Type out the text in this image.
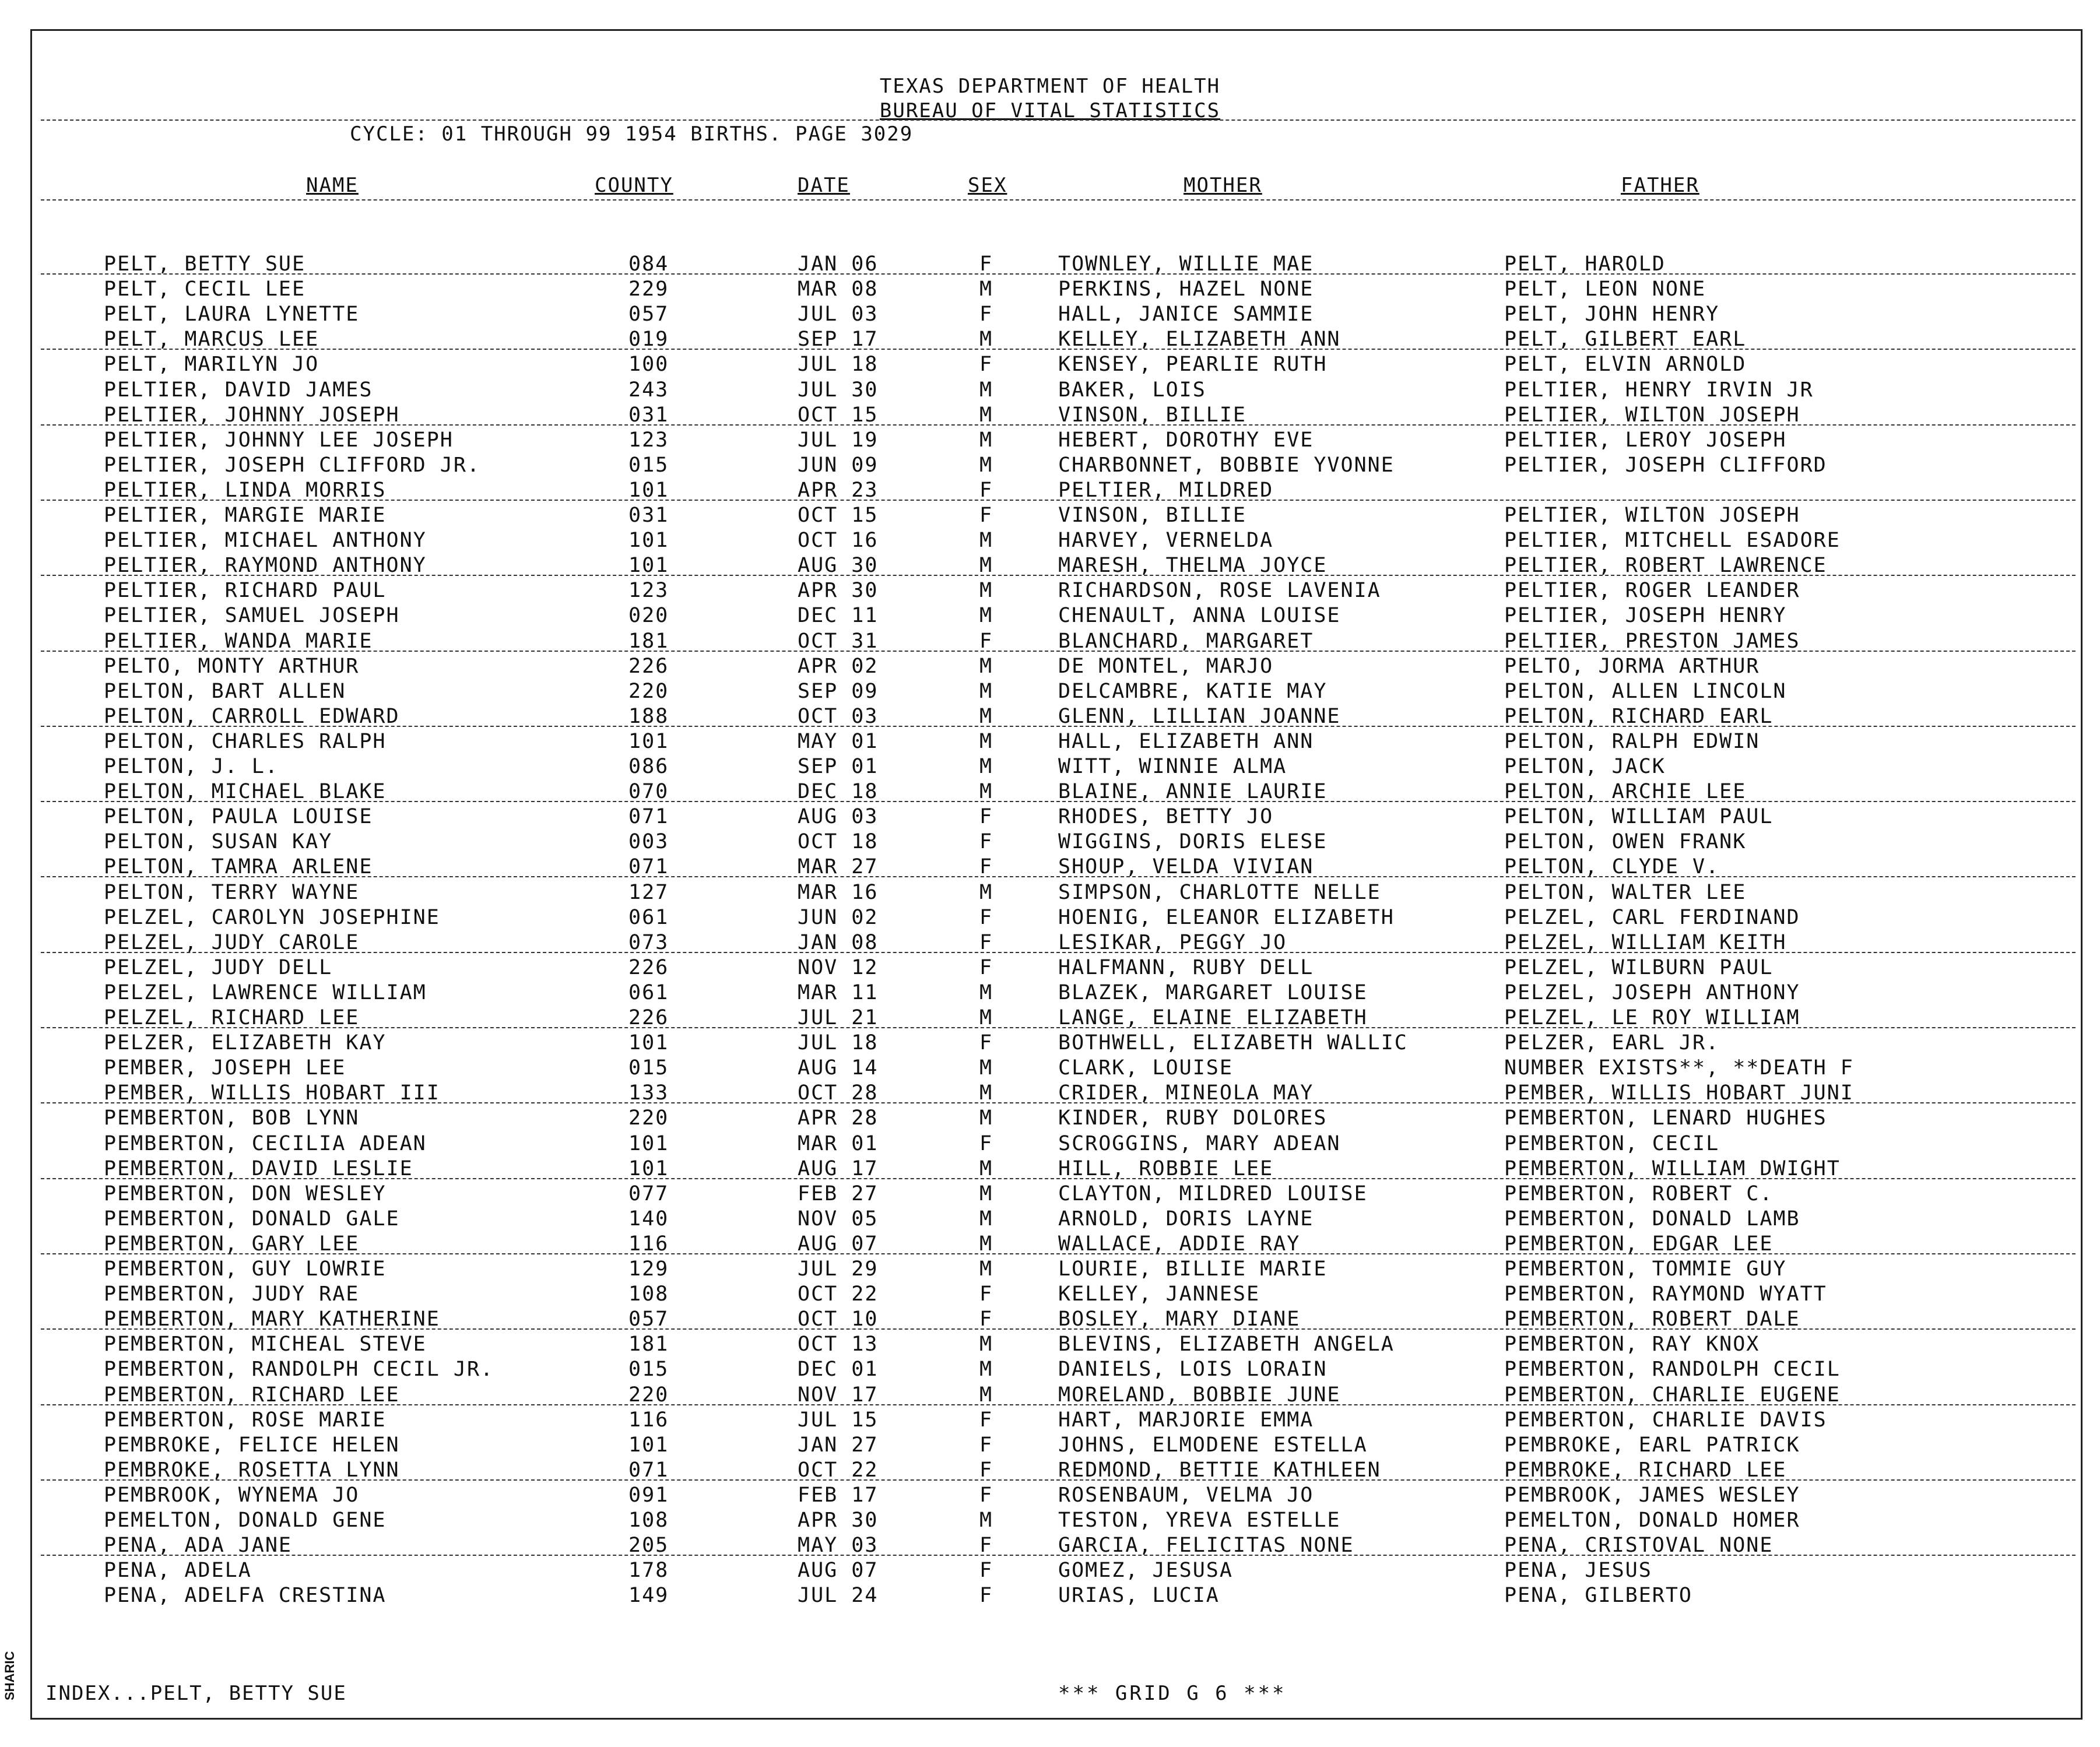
TEXAS DEPARTMENT OF HEALTH
BUREAU OF VITAL STATISTICS
CYCLE: 01 THROUGH 99 1954 BIRTHS. PAGE 3029
NAME	COUNTY	DATE	SEX	MOTHER	FATHER
PELT, BETTY SUE	084	JAN 06	F	TOWNLEY, WILLIE MAE	PELT, HAROLD
PELT, CECIL LEE	229	MAR 08	M	PERKINS, HAZEL NONE	PELT, LEON NONE
PELT, LAURA LYNETTE	057	JUL 03	F	HALL, JANICE SAMMIE	PELT, JOHN HENRY
PELT, MARCUS LEE	019	SEP 17	M	KELLEY, ELIZABETH ANN	PELT, GILBERT EARL
PELT, MARILYN JO	100	JUL 18	F	KENSEY, PEARLIE RUTH	PELT, ELVIN ARNOLD
PELTIER, DAVID JAMES	243	JUL 30	M	BAKER, LOIS	PELTIER, HENRY IRVIN JR
PELTIER, JOHNNY JOSEPH	031	OCT 15	M	VINSON, BILLIE	PELTIER, WILTON JOSEPH
PELTIER, JOHNNY LEE JOSEPH	123	JUL 19	M	HEBERT, DOROTHY EVE	PELTIER, LEROY JOSEPH
PELTIER, JOSEPH CLIFFORD JR.	015	JUN 09	M	CHARBONNET, BOBBIE YVONNE	PELTIER, JOSEPH CLIFFORD
PELTIER, LINDA MORRIS	101	APR 23	F	PELTIER, MILDRED
PELTIER, MARGIE MARIE	031	OCT 15	F	VINSON, BILLIE	PELTIER, WILTON JOSEPH
PELTIER, MICHAEL ANTHONY	101	OCT 16	M	HARVEY, VERNELDA	PELTIER, MITCHELL ESADORE
PELTIER, RAYMOND ANTHONY	101	AUG 30	M	MARESH, THELMA JOYCE	PELTIER, ROBERT LAWRENCE
PELTIER, RICHARD PAUL	123	APR 30	M	RICHARDSON, ROSE LAVENIA	PELTIER, ROGER LEANDER
PELTIER, SAMUEL JOSEPH	020	DEC 11	M	CHENAULT, ANNA LOUISE	PELTIER, JOSEPH HENRY
PELTIER, WANDA MARIE	181	OCT 31	F	BLANCHARD, MARGARET	PELTIER, PRESTON JAMES
PELTO, MONTY ARTHUR	226	APR 02	M	DE MONTEL, MARJO	PELTO, JORMA ARTHUR
PELTON, BART ALLEN	220	SEP 09	M	DELCAMBRE, KATIE MAY	PELTON, ALLEN LINCOLN
PELTON, CARROLL EDWARD	188	OCT 03	M	GLENN, LILLIAN JOANNE	PELTON, RICHARD EARL
PELTON, CHARLES RALPH	101	MAY 01	M	HALL, ELIZABETH ANN	PELTON, RALPH EDWIN
PELTON, J. L.	086	SEP 01	M	WITT, WINNIE ALMA	PELTON, JACK
PELTON, MICHAEL BLAKE	070	DEC 18	M	BLAINE, ANNIE LAURIE	PELTON, ARCHIE LEE
PELTON, PAULA LOUISE	071	AUG 03	F	RHODES, BETTY JO	PELTON, WILLIAM PAUL
PELTON, SUSAN KAY	003	OCT 18	F	WIGGINS, DORIS ELESE	PELTON, OWEN FRANK
PELTON, TAMRA ARLENE	071	MAR 27	F	SHOUP, VELDA VIVIAN	PELTON, CLYDE V.
PELTON, TERRY WAYNE	127	MAR 16	M	SIMPSON, CHARLOTTE NELLE	PELTON, WALTER LEE
PELZEL, CAROLYN JOSEPHINE	061	JUN 02	F	HOENIG, ELEANOR ELIZABETH	PELZEL, CARL FERDINAND
PELZEL, JUDY CAROLE	073	JAN 08	F	LESIKAR, PEGGY JO	PELZEL, WILLIAM KEITH
PELZEL, JUDY DELL	226	NOV 12	F	HALFMANN, RUBY DELL	PELZEL, WILBURN PAUL
PELZEL, LAWRENCE WILLIAM	061	MAR 11	M	BLAZEK, MARGARET LOUISE	PELZEL, JOSEPH ANTHONY
PELZEL, RICHARD LEE	226	JUL 21	M	LANGE, ELAINE ELIZABETH	PELZEL, LE ROY WILLIAM
PELZER, ELIZABETH KAY	101	JUL 18	F	BOTHWELL, ELIZABETH WALLIC	PELZER, EARL JR.
PEMBER, JOSEPH LEE	015	AUG 14	M	CLARK, LOUISE	NUMBER EXISTS**, **DEATH F
PEMBER, WILLIS HOBART III	133	OCT 28	M	CRIDER, MINEOLA MAY	PEMBER, WILLIS HOBART JUNI
PEMBERTON, BOB LYNN	220	APR 28	M	KINDER, RUBY DOLORES	PEMBERTON, LENARD HUGHES
PEMBERTON, CECILIA ADEAN	101	MAR 01	F	SCROGGINS, MARY ADEAN	PEMBERTON, CECIL
PEMBERTON, DAVID LESLIE	101	AUG 17	M	HILL, ROBBIE LEE	PEMBERTON, WILLIAM DWIGHT
PEMBERTON, DON WESLEY	077	FEB 27	M	CLAYTON, MILDRED LOUISE	PEMBERTON, ROBERT C.
PEMBERTON, DONALD GALE	140	NOV 05	M	ARNOLD, DORIS LAYNE	PEMBERTON, DONALD LAMB
PEMBERTON, GARY LEE	116	AUG 07	M	WALLACE, ADDIE RAY	PEMBERTON, EDGAR LEE
PEMBERTON, GUY LOWRIE	129	JUL 29	M	LOURIE, BILLIE MARIE	PEMBERTON, TOMMIE GUY
PEMBERTON, JUDY RAE	108	OCT 22	F	KELLEY, JANNESE	PEMBERTON, RAYMOND WYATT
PEMBERTON, MARY KATHERINE	057	OCT 10	F	BOSLEY, MARY DIANE	PEMBERTON, ROBERT DALE
PEMBERTON, MICHEAL STEVE	181	OCT 13	M	BLEVINS, ELIZABETH ANGELA	PEMBERTON, RAY KNOX
PEMBERTON, RANDOLPH CECIL JR.	015	DEC 01	M	DANIELS, LOIS LORAIN	PEMBERTON, RANDOLPH CECIL
PEMBERTON, RICHARD LEE	220	NOV 17	M	MORELAND, BOBBIE JUNE	PEMBERTON, CHARLIE EUGENE
PEMBERTON, ROSE MARIE	116	JUL 15	F	HART, MARJORIE EMMA	PEMBERTON, CHARLIE DAVIS
PEMBROKE, FELICE HELEN	101	JAN 27	F	JOHNS, ELMODENE ESTELLA	PEMBROKE, EARL PATRICK
PEMBROKE, ROSETTA LYNN	071	OCT 22	F	REDMOND, BETTIE KATHLEEN	PEMBROKE, RICHARD LEE
PEMBROOK, WYNEMA JO	091	FEB 17	F	ROSENBAUM, VELMA JO	PEMBROOK, JAMES WESLEY
PEMELTON, DONALD GENE	108	APR 30	M	TESTON, YREVA ESTELLE	PEMELTON, DONALD HOMER
PENA, ADA JANE	205	MAY 03	F	GARCIA, FELICITAS NONE	PENA, CRISTOVAL NONE
PENA, ADELA	178	AUG 07	F	GOMEZ, JESUSA	PENA, JESUS
PENA, ADELFA CRESTINA	149	JUL 24	F	URIAS, LUCIA	PENA, GILBERTO
INDEX...PELT, BETTY SUE	*** GRID G 6 ***
SHARIC
